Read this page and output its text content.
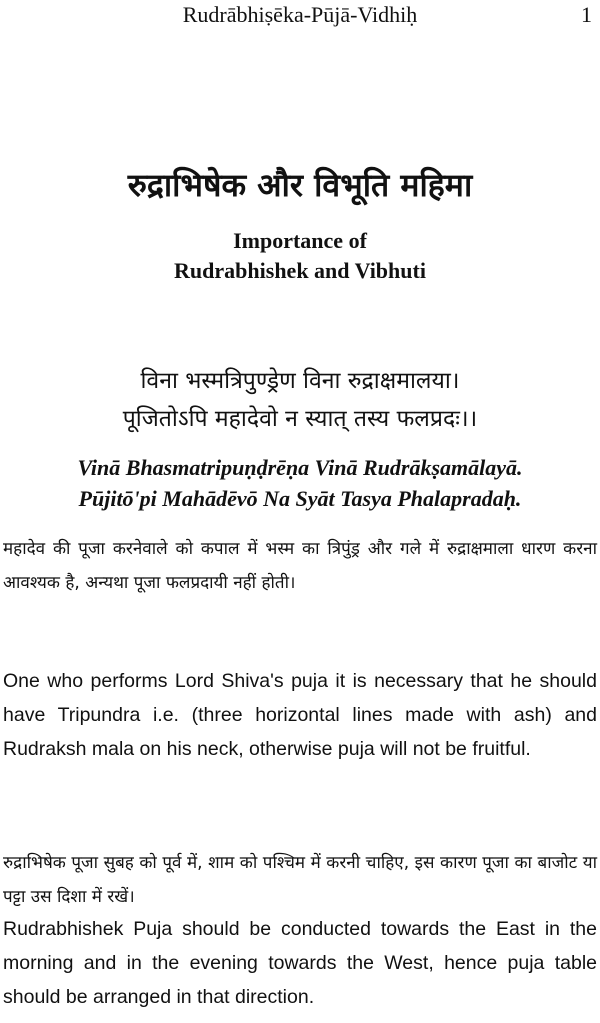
Rudrābhiṣēka-Pūjā-Vidhiḥ	1
रुद्राभिषेक और विभूति महिमा
Importance of
Rudrabhishek and Vibhuti
विना भस्मत्रिपुण्ड्रेण विना रुद्राक्षमालया।
पूजितोऽपि महादेवो न स्यात् तस्य फलप्रदः।।
Vinā Bhasmatripuṇḍrēṇa Vinā Rudrākṣamālayā.
Pūjitō'pi Mahādēvō Na Syāt Tasya Phalapradaḥ.

महादेव की पूजा करनेवाले को कपाल में भस्म का त्रिपुंड्र और गले में रुद्राक्षमाला धारण करना आवश्यक है, अन्यथा पूजा फलप्रदायी नहीं होती।

One who performs Lord Shiva's puja it is necessary that he should have Tripundra i.e. (three horizontal lines made with ash) and Rudraksh mala on his neck, otherwise puja will not be fruitful.

रुद्राभिषेक पूजा सुबह को पूर्व में, शाम को पश्चिम में करनी चाहिए, इस कारण पूजा का बाजोट या पट्टा उस दिशा में रखें।

Rudrabhishek Puja should be conducted towards the East in the morning and in the evening towards the West, hence puja table should be arranged in that direction.
